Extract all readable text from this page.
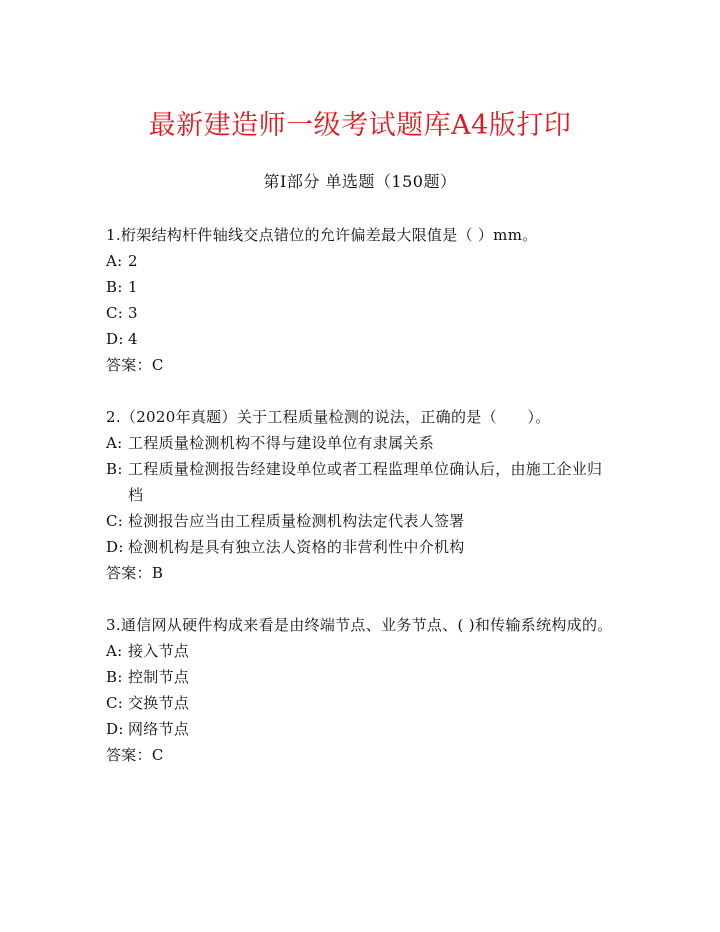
最新建造师一级考试题库A4版打印
第I部分 单选题（150题）
1.桁架结构杆件轴线交点错位的允许偏差最大限值是（ ）mm。
A: 2
B: 1
C: 3
D: 4
答案：C
2.（2020年真题）关于工程质量检测的说法，正确的是（　　）。
A: 工程质量检测机构不得与建设单位有隶属关系
B: 工程质量检测报告经建设单位或者工程监理单位确认后，由施工企业归档
C: 检测报告应当由工程质量检测机构法定代表人签署
D: 检测机构是具有独立法人资格的非营利性中介机构
答案：B
3.通信网从硬件构成来看是由终端节点、业务节点、( )和传输系统构成的。
A: 接入节点
B: 控制节点
C: 交换节点
D: 网络节点
答案：C
